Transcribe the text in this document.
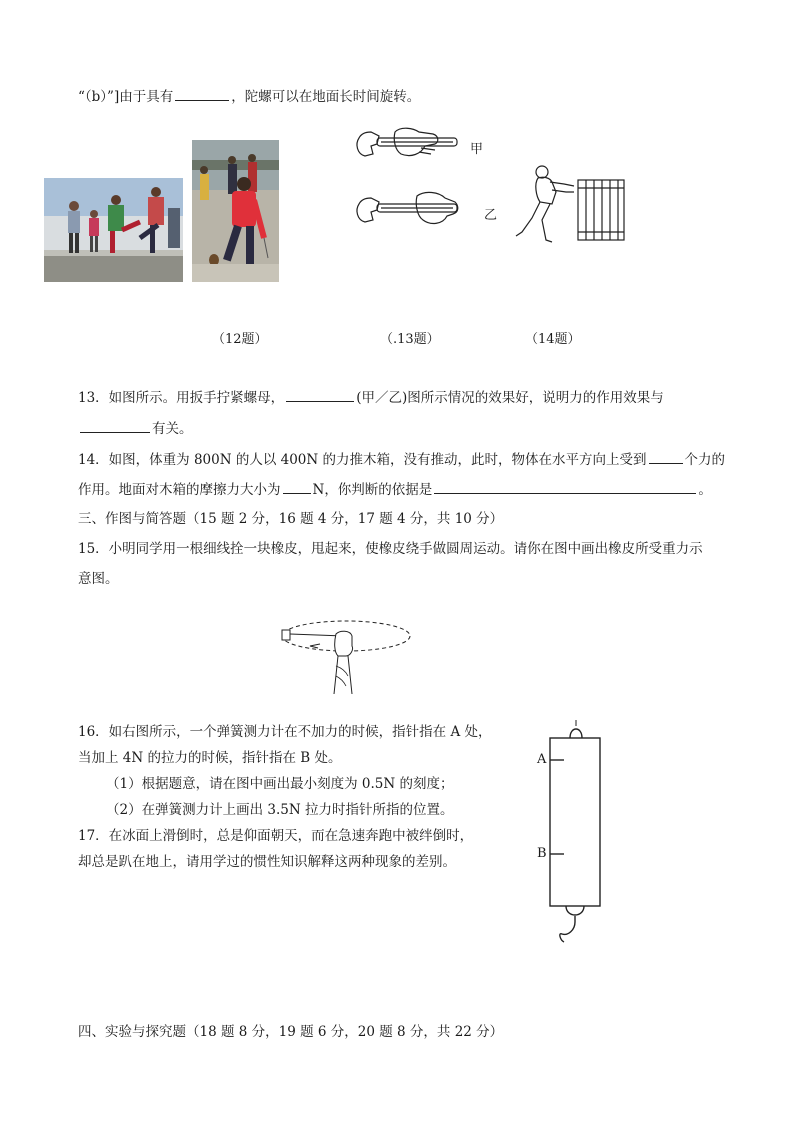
“（b）”]由于具有	，陀螺可以在地面长时间旋转。
甲
乙
（12题）	（.13题）	（14题）
13．如图所示。用扳手拧紧螺母，	(甲／乙)图所示情况的效果好，说明力的作用效果与
有关。
14．如图，体重为 800N 的人以 400N 的力推木箱，没有推动，此时，物体在水平方向上受到	个力的
作用。地面对木箱的摩擦力大小为 N，你判断的依据是	。
三、作图与简答题（15 题 2 分，16 题 4 分，17 题 4 分，共 10 分）
15．小明同学用一根细线拴一块橡皮，甩起来，使橡皮绕手做圆周运动。请你在图中画出橡皮所受重力示
意图。
16．如右图所示，一个弹簧测力计在不加力的时候，指针指在 A 处，
当加上 4N 的拉力的时候，指针指在 B 处。
（1）根据题意，请在图中画出最小刻度为 0.5N 的刻度；
（2）在弹簧测力计上画出 3.5N 拉力时指针所指的位置。
17．在冰面上滑倒时，总是仰面朝天，而在急速奔跑中被绊倒时，
却总是趴在地上，请用学过的惯性知识解释这两种现象的差别。
A
B
四、实验与探究题（18 题 8 分，19 题 6 分，20 题 8 分，共 22 分）
